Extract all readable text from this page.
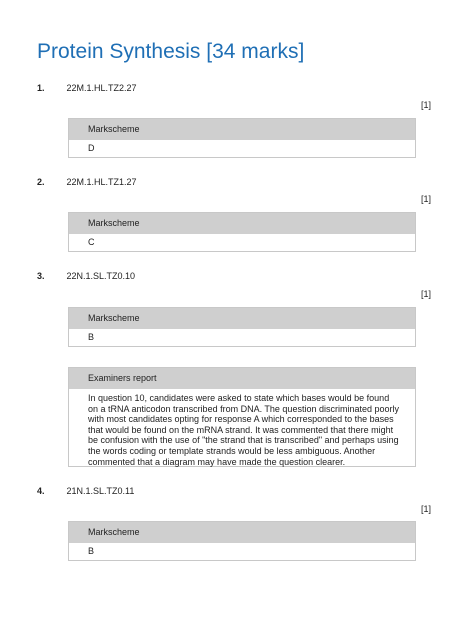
Protein Synthesis [34 marks]
1. 22M.1.HL.TZ2.27
[1]
Markscheme
D
2. 22M.1.HL.TZ1.27
[1]
Markscheme
C
3. 22N.1.SL.TZ0.10
[1]
Markscheme
B
Examiners report
In question 10, candidates were asked to state which bases would be found on a tRNA anticodon transcribed from DNA. The question discriminated poorly with most candidates opting for response A which corresponded to the bases that would be found on the mRNA strand. It was commented that there might be confusion with the use of "the strand that is transcribed" and perhaps using the words coding or template strands would be less ambiguous. Another commented that a diagram may have made the question clearer.
4. 21N.1.SL.TZ0.11
[1]
Markscheme
B
